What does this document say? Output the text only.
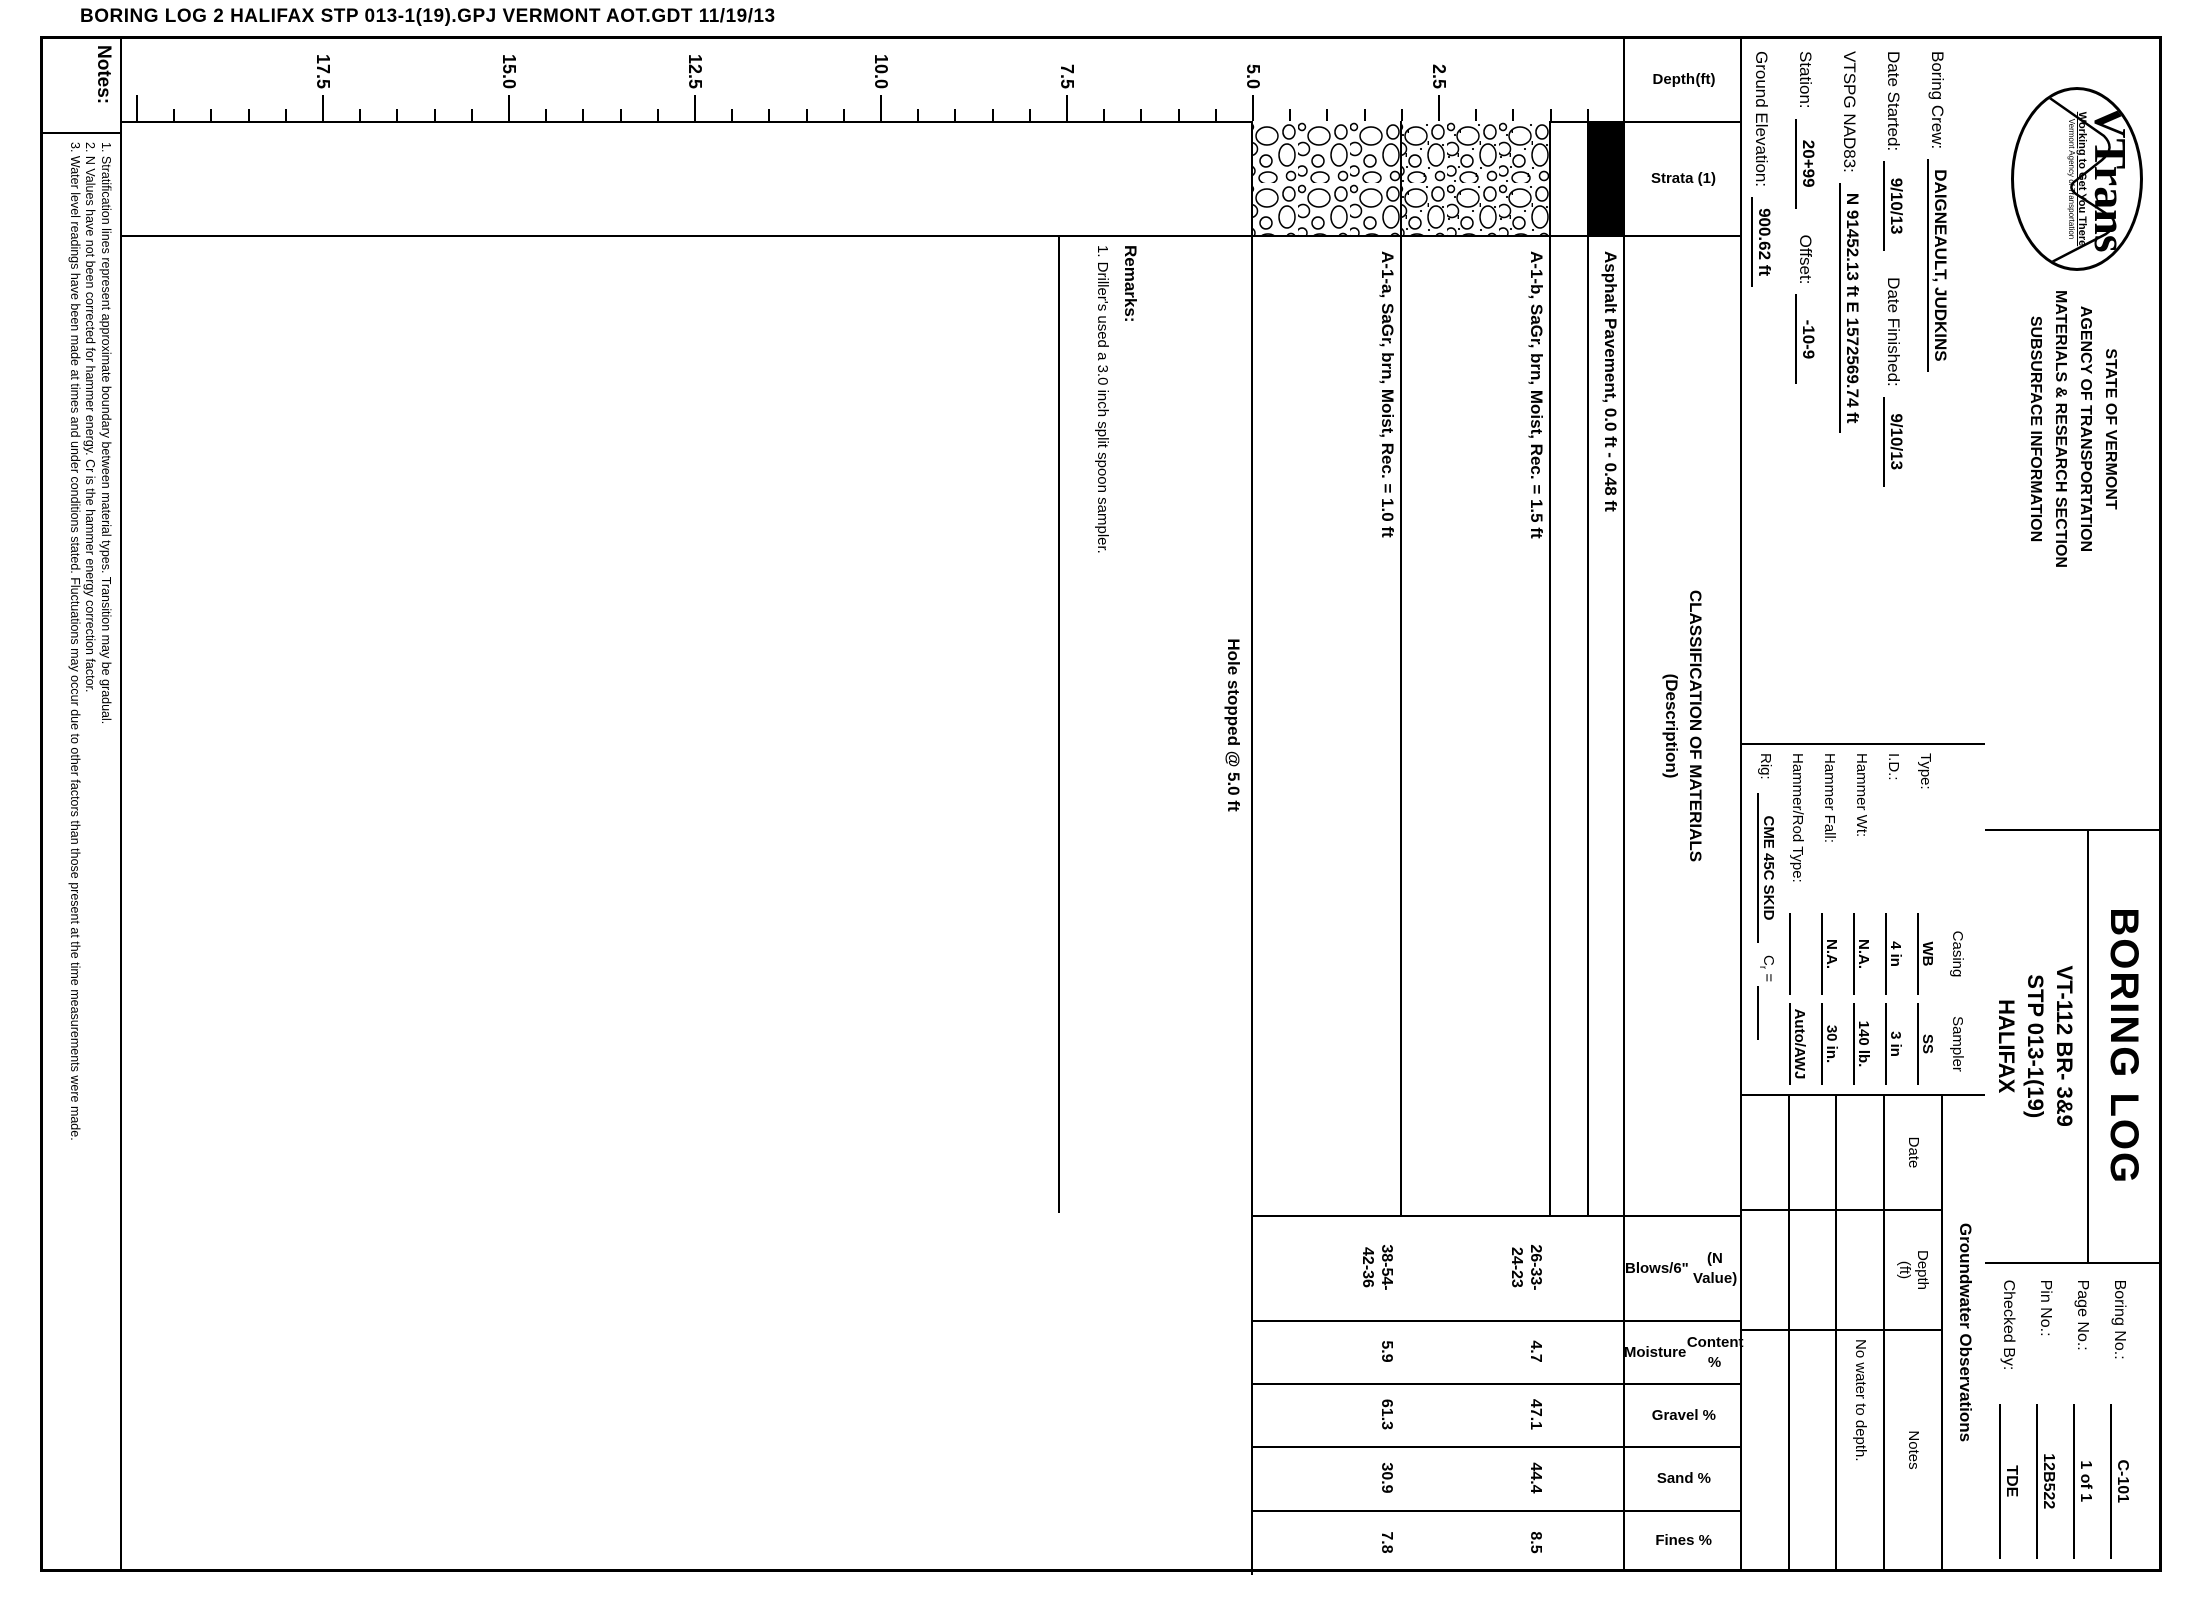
BORING LOG 2 HALIFAX STP 013-1(19).GPJ VERMONT AOT.GDT 11/19/13
VTrans
Working to Get You There
Vermont Agency of Transportation
STATE OF VERMONT
AGENCY OF TRANSPORTATION
MATERIALS & RESEARCH SECTION
SUBSURFACE INFORMATION
BORING LOG
VT-112 BR- 3&9
STP 013-1(19)
HALIFAX
Boring No.:
C-101
Page No.:
1 of 1
Pin No.:
12B522
Checked By:
TDE
Boring Crew:
DAIGNEAULT, JUDKINS
Date Started:
9/10/13
Date Finished:
9/10/13
VTSPG NAD83:
N 91452.13 ft E 1572569.74 ft
Station:
20+99
Offset:
-10-9
Ground Elevation:
900.62 ft
Casing
Sampler
Type:
WB
SS
I.D.:
4 in
3 in
Hammer Wt:
N.A.
140 lb.
Hammer Fall:
N.A.
30 in.
Hammer/Rod Type:
Auto/AWJ
Rig:
CME 45C SKID
$C_r$ =
Groundwater Observations
Date
Depth
(ft)
Notes
No water to depth.
Depth (ft)
Strata (1)
CLASSIFICATION OF MATERIALS
(Description)
Blows/6"
(N Value)
Moisture
Content %
Gravel %
Sand %
Fines %
2.5
5.0
7.5
10.0
12.5
15.0
17.5
Asphalt Pavement, 0.0 ft - 0.48 ft
A-1-b, SaGr, brn, Moist, Rec. = 1.5 ft
A-1-a, SaGr, brn, Moist, Rec. = 1.0 ft
Hole stopped @ 5.0 ft
Remarks:
1. Driller's used a 3.0 inch split spoon sampler.
26-33-
24-23
4.7
47.1
44.4
8.5
38-54-
42-36
5.9
61.3
30.9
7.8
Notes:
1. Stratification lines represent approximate boundary between material types. Transition may be gradual.
2. N Values have not been corrected for hammer energy. Cr is the hammer energy correction factor.
3. Water level readings have been made at times and under conditions stated. Fluctuations may occur due to other factors than those present at the time measurements were made.
